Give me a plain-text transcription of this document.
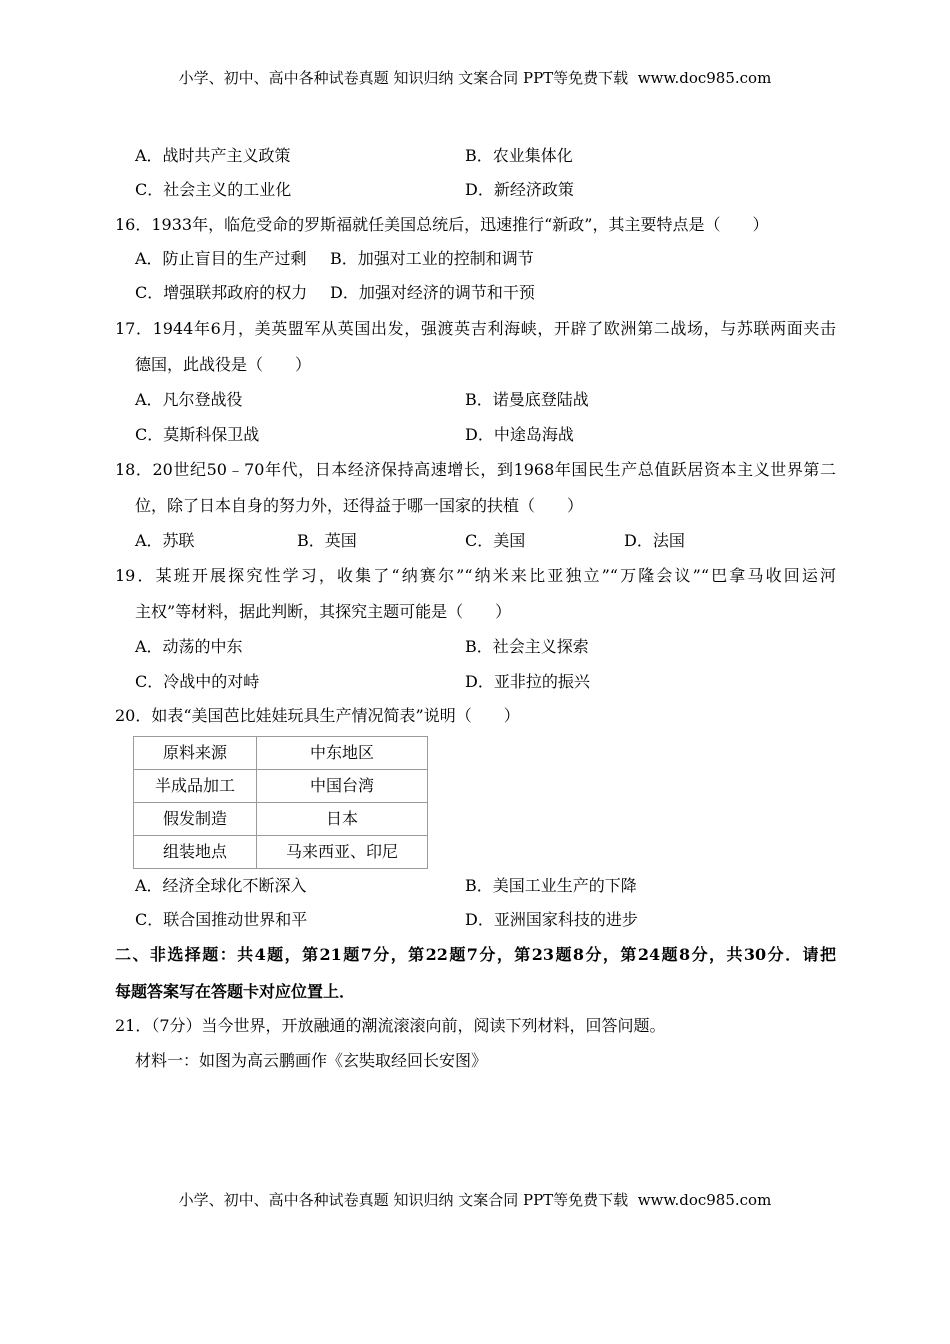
小学、初中、高中各种试卷真题 知识归纳 文案合同 PPT等免费下载  www.doc985.com
A．战时共产主义政策	B．农业集体化
C．社会主义的工业化	D．新经济政策
16．1933年，临危受命的罗斯福就任美国总统后，迅速推行“新政”，其主要特点是（　　）
A．防止盲目的生产过剩 B．加强对工业的控制和调节
C．增强联邦政府的权力 D．加强对经济的调节和干预
17．1944年6月，美英盟军从英国出发，强渡英吉利海峡，开辟了欧洲第二战场，与苏联两面夹击
德国，此战役是（　　）
A．凡尔登战役	B．诺曼底登陆战
C．莫斯科保卫战	D．中途岛海战
18．20世纪50﹣70年代，日本经济保持高速增长，到1968年国民生产总值跃居资本主义世界第二
位，除了日本自身的努力外，还得益于哪一国家的扶植（　　）
A．苏联	B．英国	C．美国	D．法国
19．某班开展探究性学习，收集了“纳赛尔”“纳米来比亚独立”“万隆会议”“巴拿马收回运河
主权”等材料，据此判断，其探究主题可能是（　　）
A．动荡的中东	B．社会主义探索
C．冷战中的对峙	D．亚非拉的振兴
20．如表“美国芭比娃娃玩具生产情况简表”说明（　　）
原料来源	中东地区
半成品加工	中国台湾
假发制造	日本
组装地点	马来西亚、印尼
A．经济全球化不断深入	B．美国工业生产的下降
C．联合国推动世界和平	D．亚洲国家科技的进步
二、非选择题：共4题，第21题7分，第22题7分，第23题8分，第24题8分，共30分．请把
每题答案写在答题卡对应位置上．
21．（7分）当今世界，开放融通的潮流滚滚向前，阅读下列材料，回答问题。
材料一：如图为高云鹏画作《玄奘取经回长安图》
小学、初中、高中各种试卷真题 知识归纳 文案合同 PPT等免费下载  www.doc985.com
